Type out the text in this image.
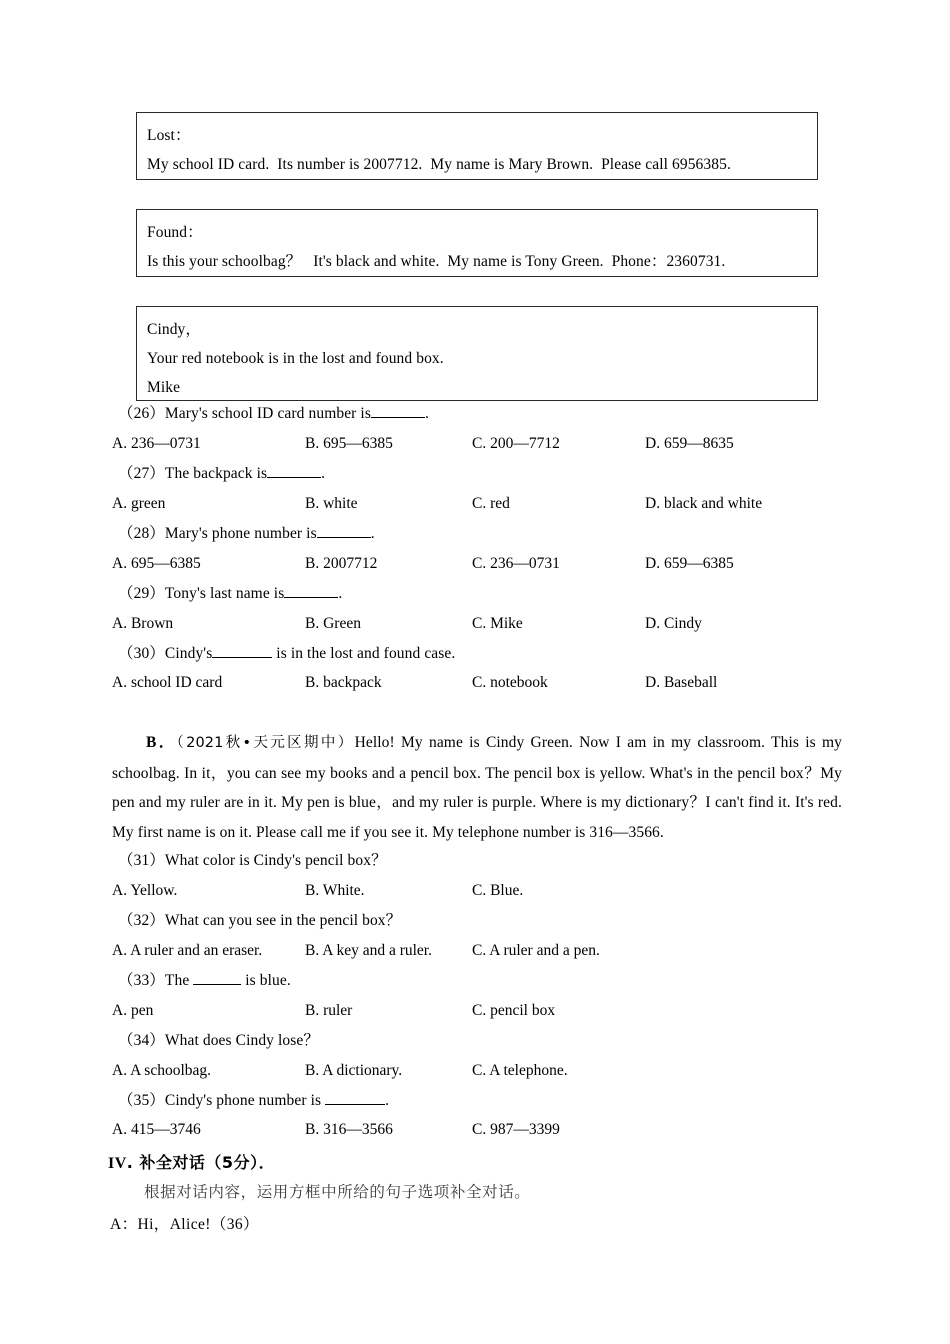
Lost：
My school ID card.  Its number is 2007712.  My name is Mary Brown.  Please call 6956385.
Found：
Is this your schoolbag？   It's black and white.  My name is Tony Green.  Phone：2360731.
Cindy，
Your red notebook is in the lost and found box.
Mike
（26）Mary's school ID card number is	.

A. 236—0731

	B. 695—6385

	C. 200—7712

	D. 659—8635

（27）The backpack is	.

A. green

	B. white

	C. red

	D. black and white

（28）Mary's phone number is	.

A. 695—6385

	B. 2007712

	C. 236—0731

	D. 659—6385

（29）Tony's last name is	.

A. Brown

	B. Green

	C. Mike

	D. Cindy

（30）Cindy's	is in the lost and found case.

A. school ID card

	B. backpack

	C. notebook

	D. Baseball

B．（2021秋•天元区期中）Hello! My name is Cindy Green. Now I am in my classroom. This is my schoolbag. In it，you can see my books and a pencil box. The pencil box is yellow. What's in the pencil box？My pen and my ruler are in it. My pen is blue，and my ruler is purple. Where is my dictionary？I can't find it. It's red. My first name is on it. Please call me if you see it. My telephone number is 316—3566.
（31）What color is Cindy's pencil box？

A. Yellow.

	B. White.

	C. Blue.

（32）What can you see in the pencil box？

A. A ruler and an eraser.

	B. A key and a ruler.

	C. A ruler and a pen.

（33）The	is blue.

A. pen

	B. ruler

	C. pencil box

（34）What does Cindy lose？

A. A schoolbag.

	B. A dictionary.

	C. A telephone.

（35）Cindy's phone number is	.

A. 415—3746

	B. 316—3566

	C. 987—3399

IV. 补全对话（5分）．
根据对话内容，运用方框中所给的句子选项补全对话。
A：Hi，Alice!（36）
